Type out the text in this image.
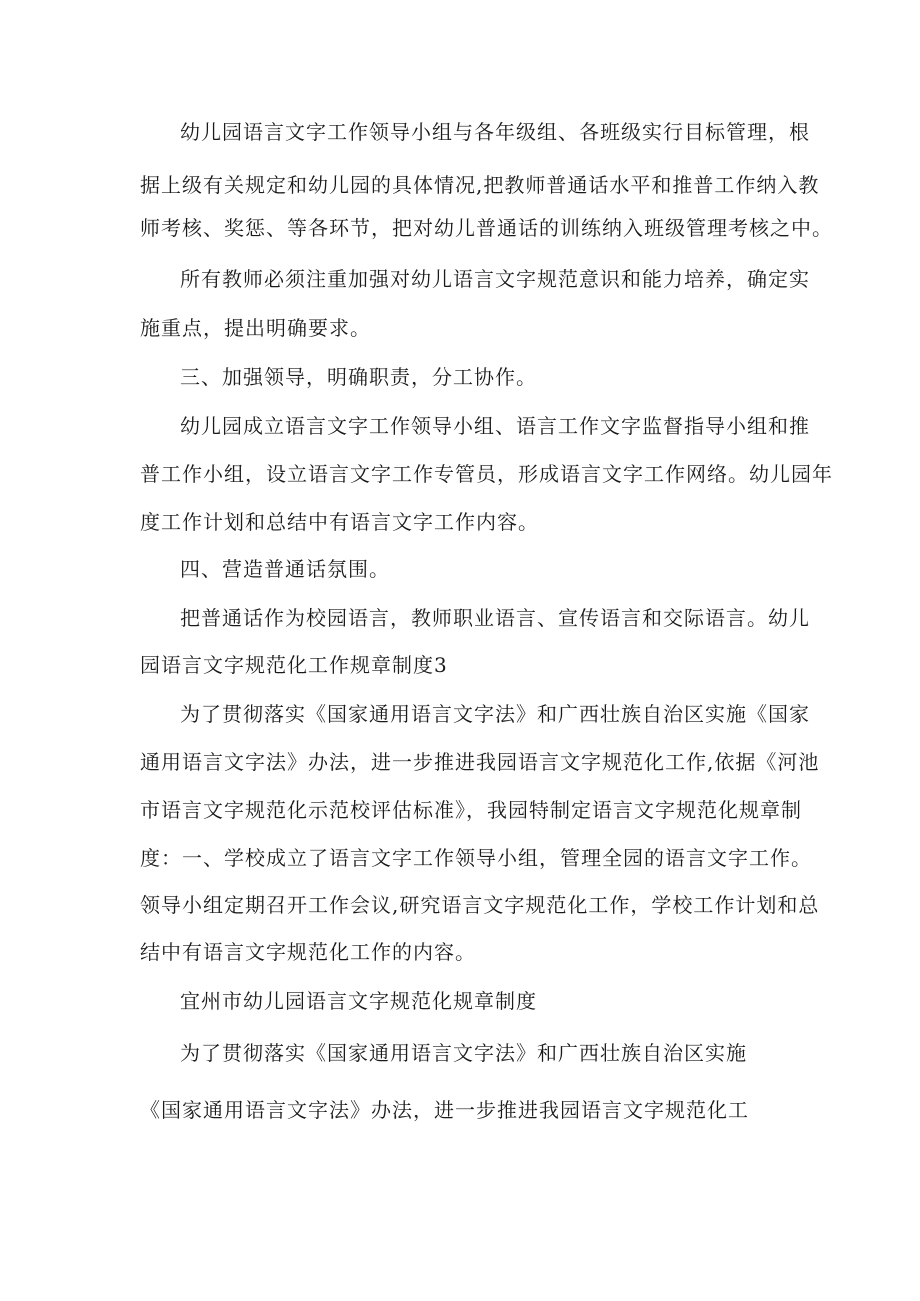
幼儿园语言文字工作领导小组与各年级组、各班级实行目标管理，根
据上级有关规定和幼儿园的具体情况,把教师普通话水平和推普工作纳入教
师考核、奖惩、等各环节，把对幼儿普通话的训练纳入班级管理考核之中。
所有教师必须注重加强对幼儿语言文字规范意识和能力培养，确定实
施重点，提出明确要求。
三、加强领导，明确职责，分工协作。
幼儿园成立语言文字工作领导小组、语言工作文字监督指导小组和推
普工作小组，设立语言文字工作专管员，形成语言文字工作网络。幼儿园年
度工作计划和总结中有语言文字工作内容。
四、营造普通话氛围。
把普通话作为校园语言，教师职业语言、宣传语言和交际语言。幼儿
园语言文字规范化工作规章制度3
为了贯彻落实《国家通用语言文字法》和广西壮族自治区实施《国家
通用语言文字法》办法，进一步推进我园语言文字规范化工作,依据《河池
市语言文字规范化示范校评估标准》，我园特制定语言文字规范化规章制
度：一、学校成立了语言文字工作领导小组，管理全园的语言文字工作。
领导小组定期召开工作会议,研究语言文字规范化工作，学校工作计划和总
结中有语言文字规范化工作的内容。
宜州市幼儿园语言文字规范化规章制度
为了贯彻落实《国家通用语言文字法》和广西壮族自治区实施
《国家通用语言文字法》办法，进一步推进我园语言文字规范化工
